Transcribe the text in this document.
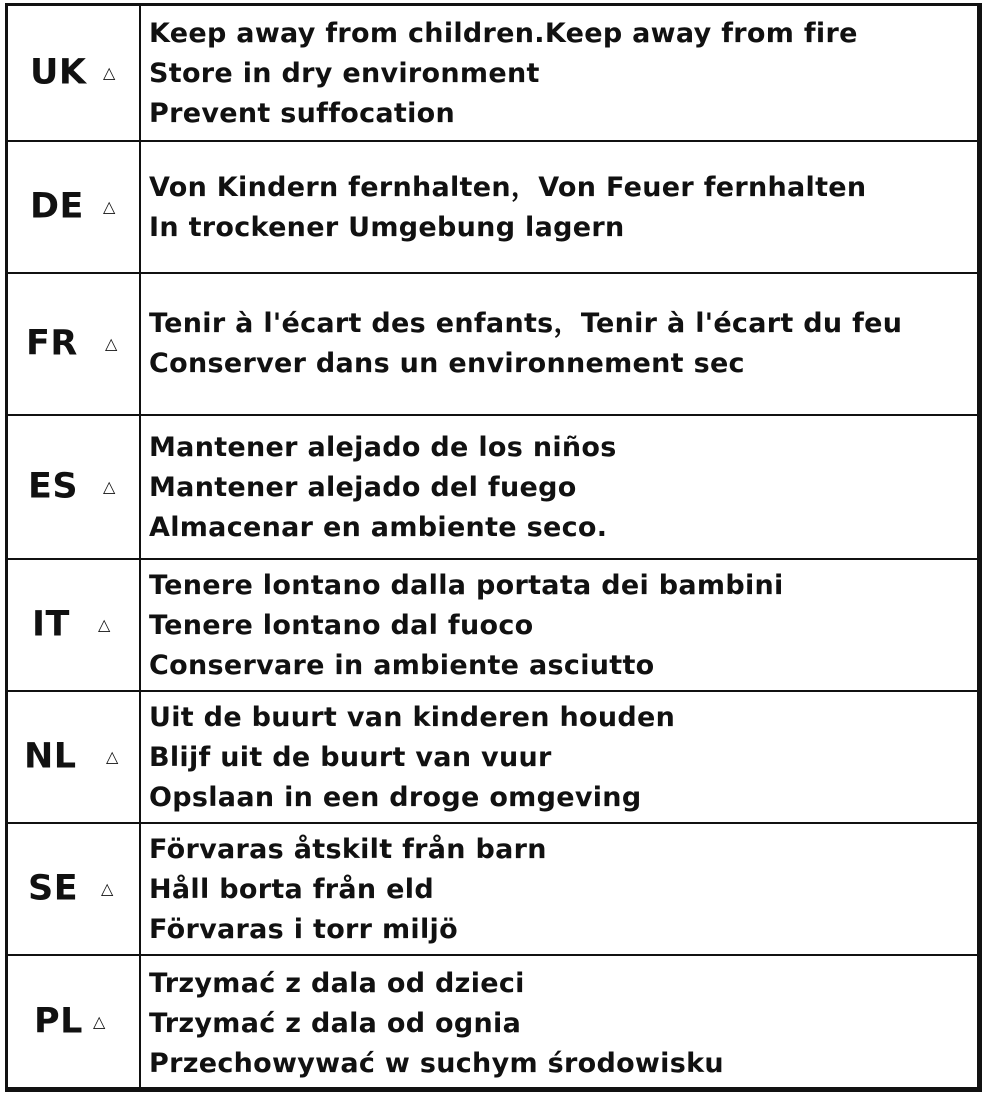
UK △
Keep away from children.Keep away from fire
Store in dry environment
Prevent suffocation
DE △
Von Kindern fernhalten，Von Feuer fernhalten
In trockener Umgebung lagern
FR △
Tenir à l'écart des enfants，Tenir à l'écart du feu
Conserver dans un environnement sec
ES △
Mantener alejado de los niños
Mantener alejado del fuego
Almacenar en ambiente seco.
IT △
Tenere lontano dalla portata dei bambini
Tenere lontano dal fuoco
Conservare in ambiente asciutto
NL △
Uit de buurt van kinderen houden
Blijf uit de buurt van vuur
Opslaan in een droge omgeving
SE △
Förvaras åtskilt från barn
Håll borta från eld
Förvaras i torr miljö
PL △
Trzymać z dala od dzieci
Trzymać z dala od ognia
Przechowywać w suchym środowisku
